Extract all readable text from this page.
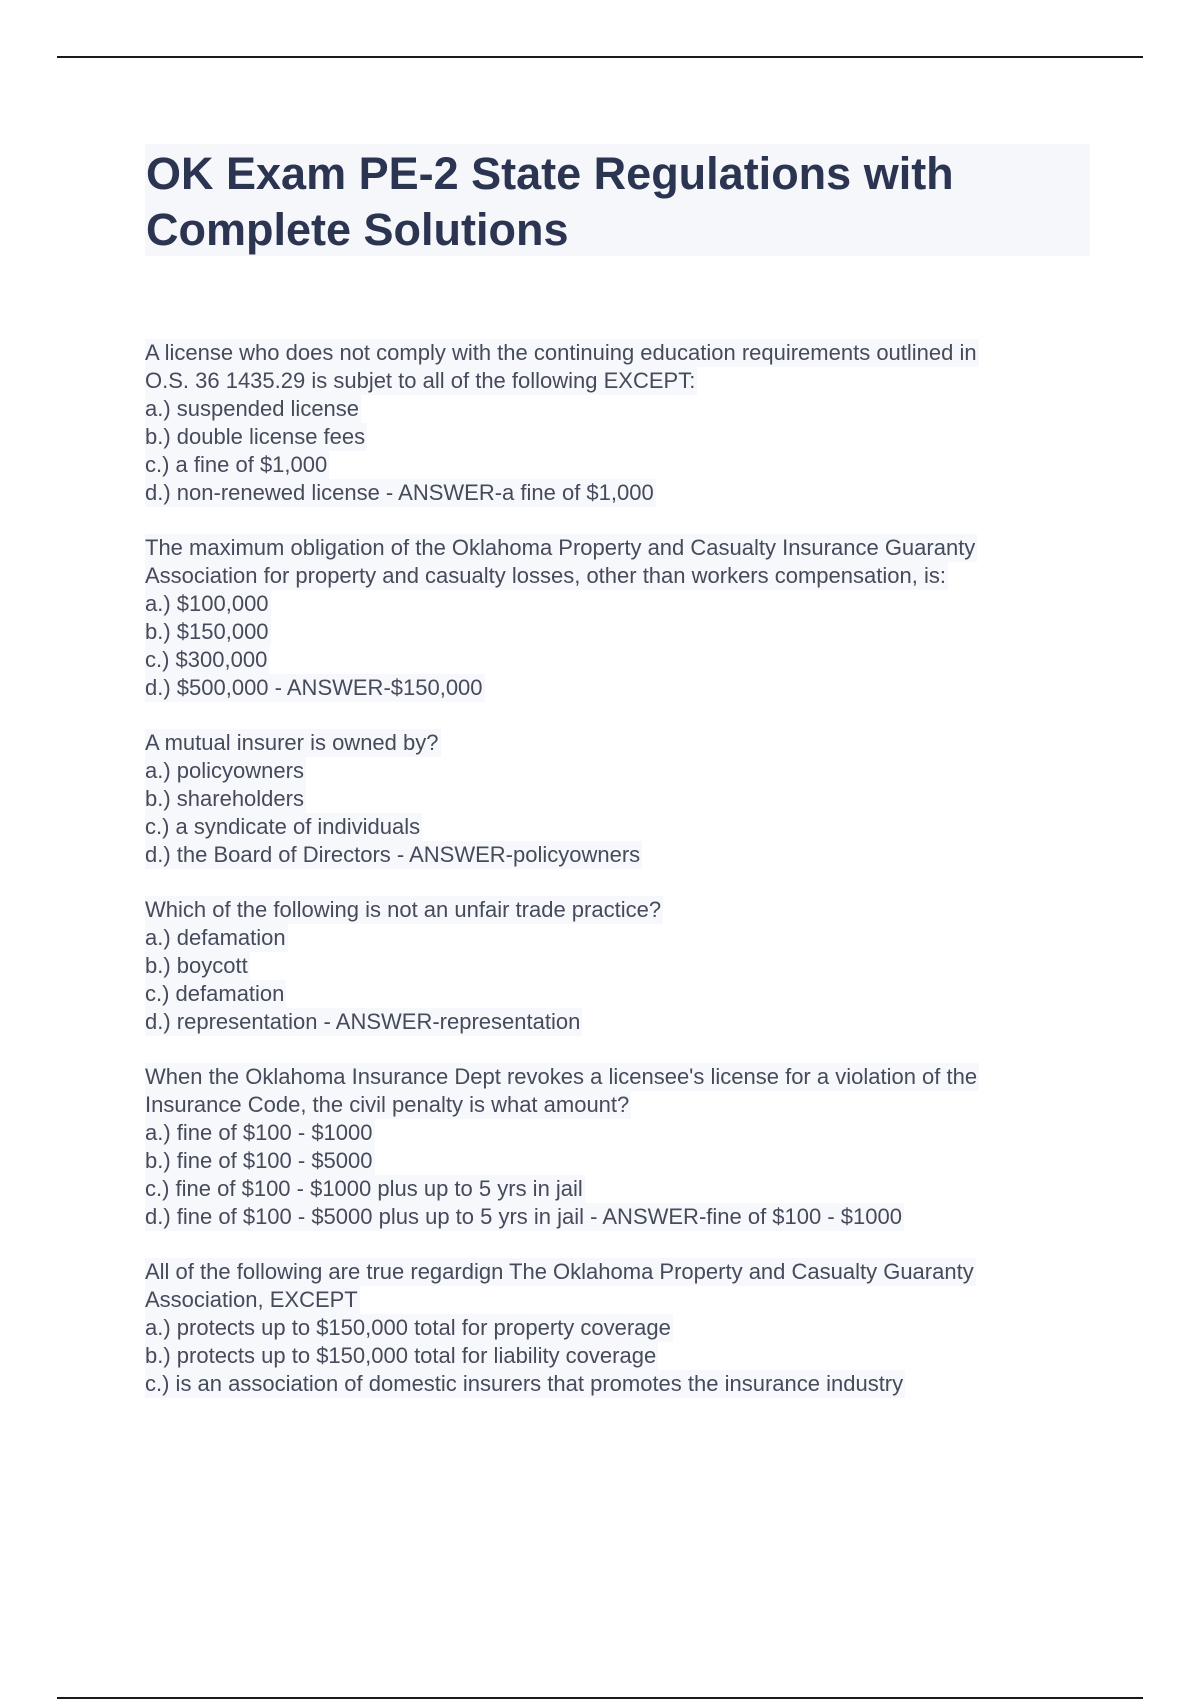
OK Exam PE-2 State Regulations with
Complete Solutions
A license who does not comply with the continuing education requirements outlined in
O.S. 36 1435.29 is subjet to all of the following EXCEPT:
a.) suspended license
b.) double license fees
c.) a fine of $1,000
d.) non-renewed license - ANSWER-a fine of $1,000
The maximum obligation of the Oklahoma Property and Casualty Insurance Guaranty
Association for property and casualty losses, other than workers compensation, is:
a.) $100,000
b.) $150,000
c.) $300,000
d.) $500,000 - ANSWER-$150,000
A mutual insurer is owned by?
a.) policyowners
b.) shareholders
c.) a syndicate of individuals
d.) the Board of Directors - ANSWER-policyowners
Which of the following is not an unfair trade practice?
a.) defamation
b.) boycott
c.) defamation
d.) representation - ANSWER-representation
When the Oklahoma Insurance Dept revokes a licensee's license for a violation of the
Insurance Code, the civil penalty is what amount?
a.) fine of $100 - $1000
b.) fine of $100 - $5000
c.) fine of $100 - $1000 plus up to 5 yrs in jail
d.) fine of $100 - $5000 plus up to 5 yrs in jail - ANSWER-fine of $100 - $1000
All of the following are true regardign The Oklahoma Property and Casualty Guaranty
Association, EXCEPT
a.) protects up to $150,000 total for property coverage
b.) protects up to $150,000 total for liability coverage
c.) is an association of domestic insurers that promotes the insurance industry
